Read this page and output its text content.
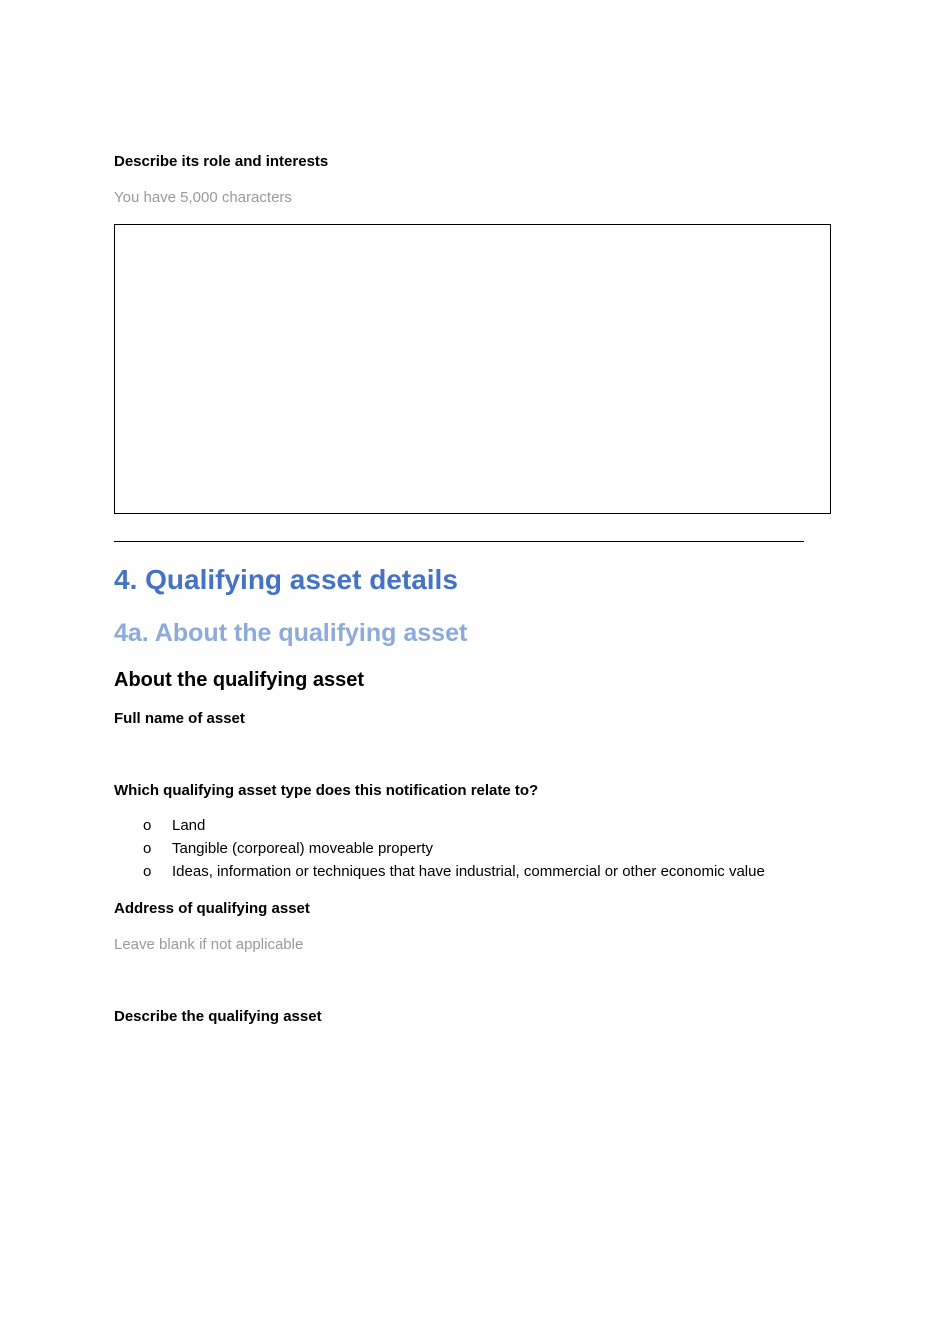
Describe its role and interests
You have 5,000 characters
4. Qualifying asset details
4a. About the qualifying asset
About the qualifying asset
Full name of asset
Which qualifying asset type does this notification relate to?
o Land
o Tangible (corporeal) moveable property
o Ideas, information or techniques that have industrial, commercial or other economic value
Address of qualifying asset
Leave blank if not applicable
Describe the qualifying asset
